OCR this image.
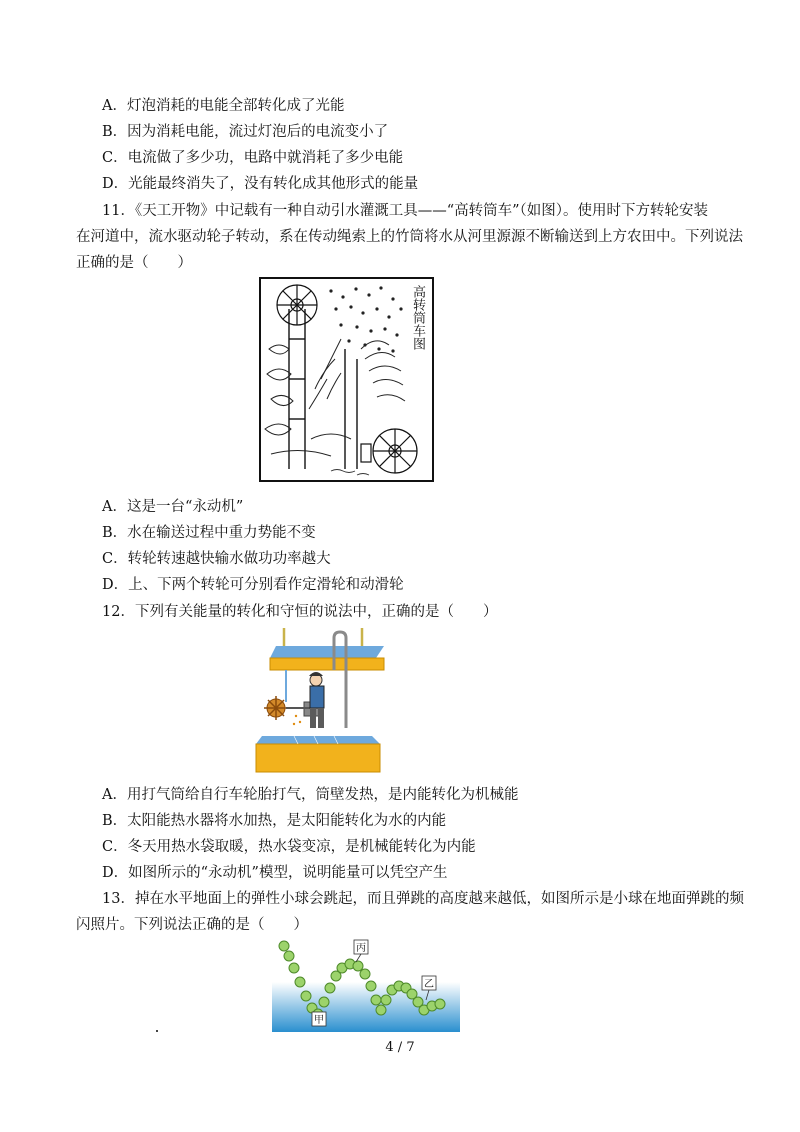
A．灯泡消耗的电能全部转化成了光能
B．因为消耗电能，流过灯泡后的电流变小了
C．电流做了多少功，电路中就消耗了多少电能
D．光能最终消失了，没有转化成其他形式的能量
11．《天工开物》中记载有一种自动引水灌溉工具——“高转筒车”（如图）。使用时下方转轮安装
在河道中，流水驱动轮子转动，系在传动绳索上的竹筒将水从河里源源不断输送到上方农田中。下列说法
正确的是（　　）
高转筒车图
A．这是一台“永动机”
B．水在输送过程中重力势能不变
C．转轮转速越快输水做功功率越大
D．上、下两个转轮可分别看作定滑轮和动滑轮
12．下列有关能量的转化和守恒的说法中，正确的是（　　）
A．用打气筒给自行车轮胎打气，筒壁发热，是内能转化为机械能
B．太阳能热水器将水加热，是太阳能转化为水的内能
C．冬天用热水袋取暖，热水袋变凉，是机械能转化为内能
D．如图所示的“永动机”模型，说明能量可以凭空产生
13．掉在水平地面上的弹性小球会跳起，而且弹跳的高度越来越低，如图所示是小球在地面弹跳的频
闪照片。下列说法正确的是（　　）
丙
乙
甲
4 / 7
